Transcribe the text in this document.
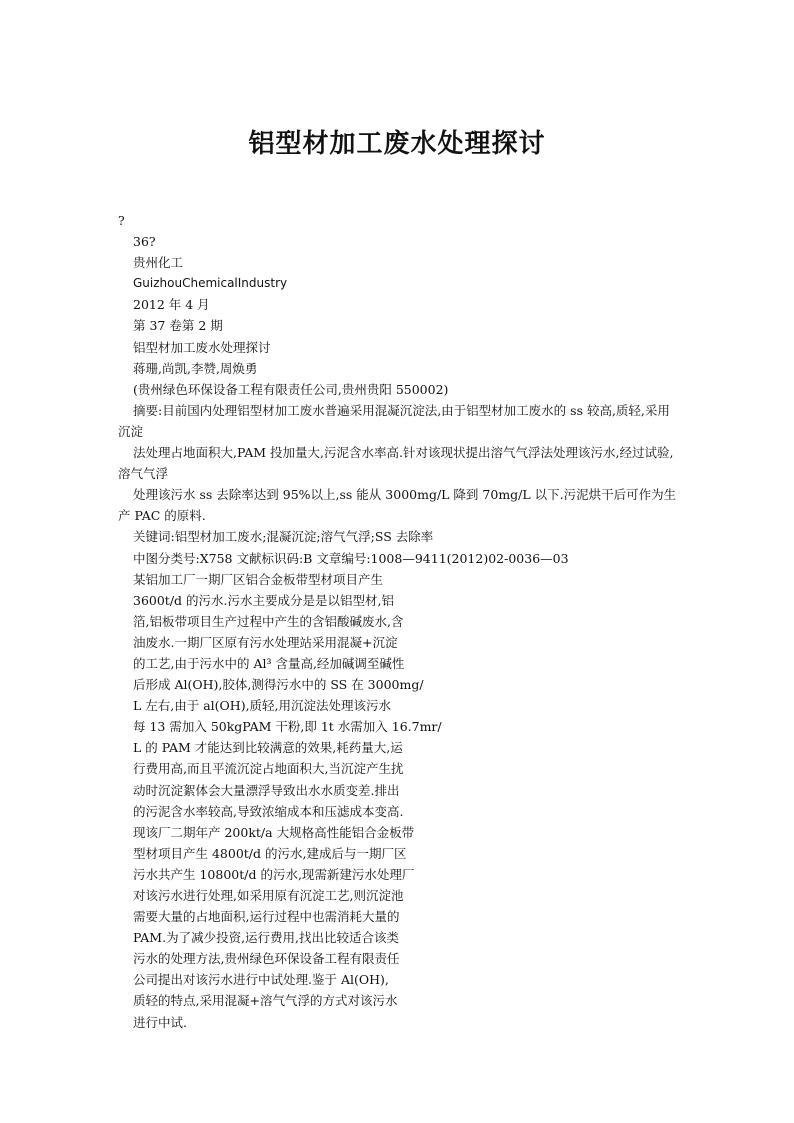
铝型材加工废水处理探讨
?
36?
贵州化工
GuizhouChemicalIndustry
2012 年 4 月
第 37 卷第 2 期
铝型材加工废水处理探讨
蒋珊,尚凯,李赞,周焕勇
(贵州绿色环保设备工程有限责任公司,贵州贵阳 550002)
摘要:目前国内处理铝型材加工废水普遍采用混凝沉淀法,由于铝型材加工废水的 ss 较高,质轻,采用沉淀
法处理占地面积大,PAM 投加量大,污泥含水率高.针对该现状提出溶气气浮法处理该污水,经过试验,溶气气浮
处理该污水 ss 去除率达到 95%以上,ss 能从 3000mg/L 降到 70mg/L 以下.污泥烘干后可作为生产 PAC 的原料.
关键词:铝型材加工废水;混凝沉淀;溶气气浮;SS 去除率
中图分类号:X758 文献标识码:B 文章编号:1008—9411(2012)02-0036—03
某铝加工厂一期厂区铝合金板带型材项目产生
3600t/d 的污水.污水主要成分是是以铝型材,铝
箔,铝板带项目生产过程中产生的含铝酸碱废水,含
油废水.一期厂区原有污水处理站采用混凝+沉淀
的工艺,由于污水中的 Al³ 含量高,经加碱调至碱性
后形成 Al(OH),胶体,测得污水中的 SS 在 3000mg/
L 左右,由于 al(OH),质轻,用沉淀法处理该污水
每 13 需加入 50kgPAM 干粉,即 1t 水需加入 16.7mr/
L 的 PAM 才能达到比较满意的效果,耗药量大,运
行费用高,而且平流沉淀占地面积大,当沉淀产生扰
动时沉淀絮体会大量漂浮导致出水水质变差.排出
的污泥含水率较高,导致浓缩成本和压滤成本变高.
现该厂二期年产 200kt/a 大规格高性能铝合金板带
型材项目产生 4800t/d 的污水,建成后与一期厂区
污水共产生 10800t/d 的污水,现需新建污水处理厂
对该污水进行处理,如采用原有沉淀工艺,则沉淀池
需要大量的占地面积,运行过程中也需消耗大量的
PAM.为了减少投资,运行费用,找出比较适合该类
污水的处理方法,贵州绿色环保设备工程有限责任
公司提出对该污水进行中试处理.鉴于 Al(OH),
质轻的特点,采用混凝+溶气气浮的方式对该污水
进行中试.
